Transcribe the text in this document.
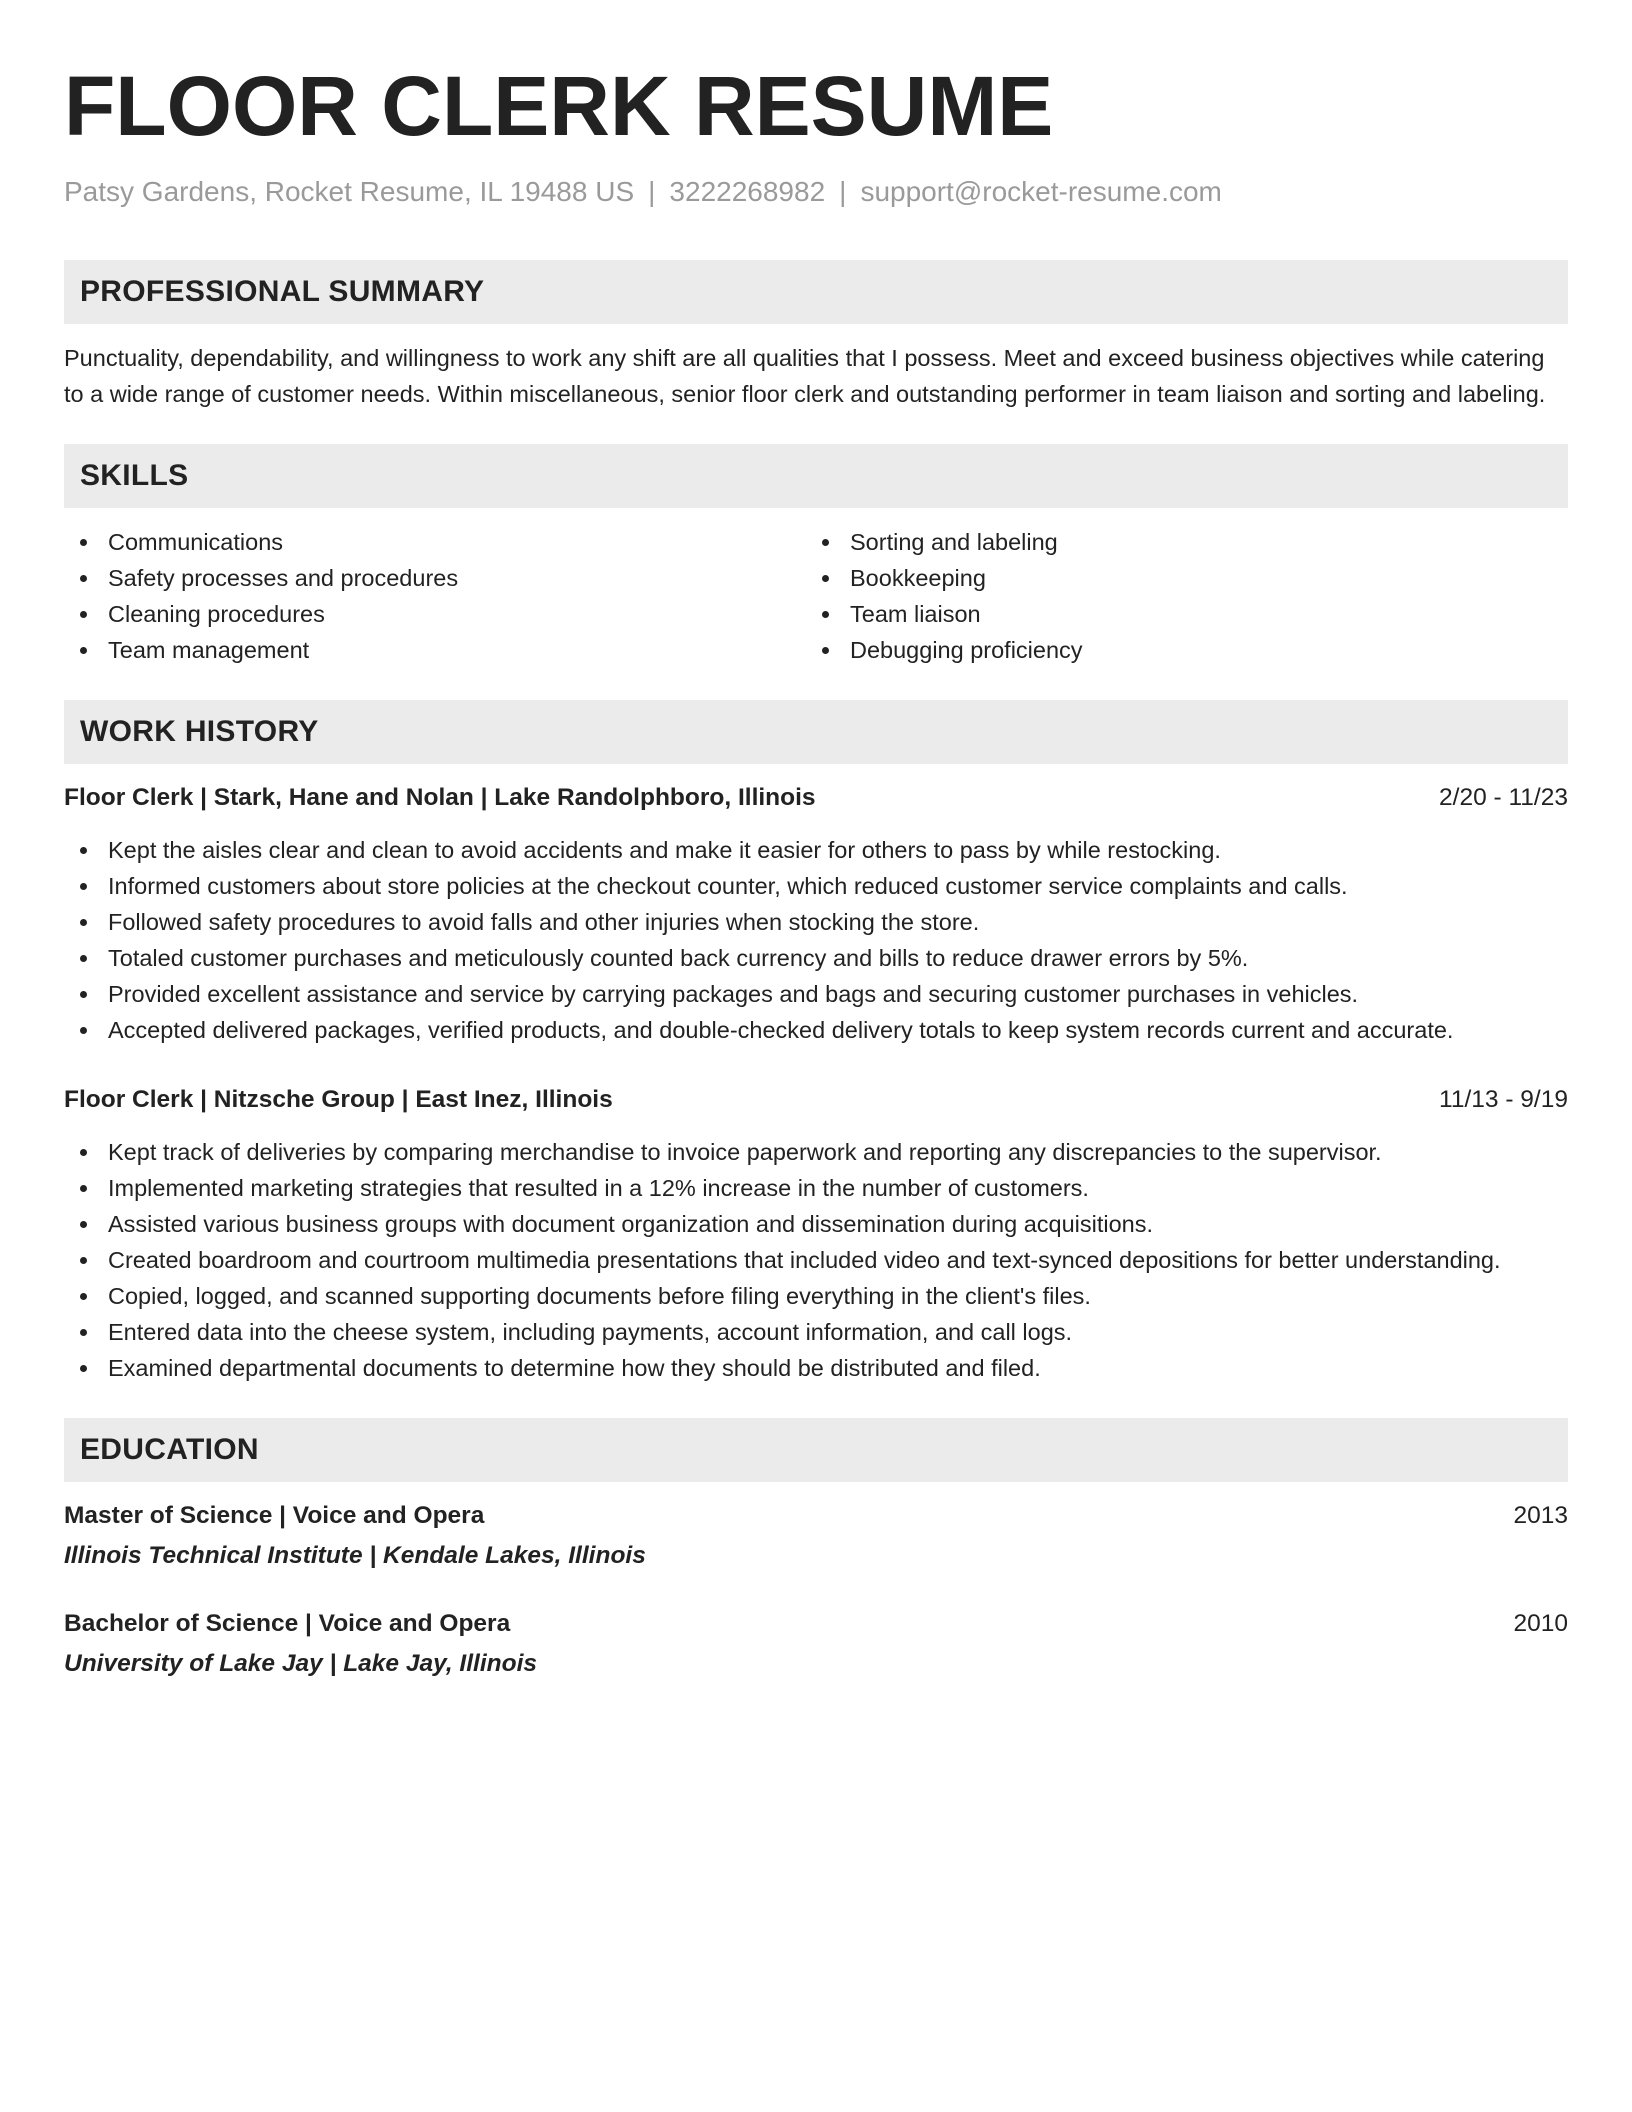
FLOOR CLERK RESUME
Patsy Gardens, Rocket Resume, IL 19488 US | 3222268982 | support@rocket-resume.com
PROFESSIONAL SUMMARY
Punctuality, dependability, and willingness to work any shift are all qualities that I possess. Meet and exceed business objectives while catering to a wide range of customer needs. Within miscellaneous, senior floor clerk and outstanding performer in team liaison and sorting and labeling.
SKILLS
Communications
Safety processes and procedures
Cleaning procedures
Team management
Sorting and labeling
Bookkeeping
Team liaison
Debugging proficiency
WORK HISTORY
Floor Clerk | Stark, Hane and Nolan | Lake Randolphboro, Illinois	2/20 - 11/23
Kept the aisles clear and clean to avoid accidents and make it easier for others to pass by while restocking.
Informed customers about store policies at the checkout counter, which reduced customer service complaints and calls.
Followed safety procedures to avoid falls and other injuries when stocking the store.
Totaled customer purchases and meticulously counted back currency and bills to reduce drawer errors by 5%.
Provided excellent assistance and service by carrying packages and bags and securing customer purchases in vehicles.
Accepted delivered packages, verified products, and double-checked delivery totals to keep system records current and accurate.
Floor Clerk | Nitzsche Group | East Inez, Illinois	11/13 - 9/19
Kept track of deliveries by comparing merchandise to invoice paperwork and reporting any discrepancies to the supervisor.
Implemented marketing strategies that resulted in a 12% increase in the number of customers.
Assisted various business groups with document organization and dissemination during acquisitions.
Created boardroom and courtroom multimedia presentations that included video and text-synced depositions for better understanding.
Copied, logged, and scanned supporting documents before filing everything in the client's files.
Entered data into the cheese system, including payments, account information, and call logs.
Examined departmental documents to determine how they should be distributed and filed.
EDUCATION
Master of Science | Voice and Opera	2013
Illinois Technical Institute | Kendale Lakes, Illinois
Bachelor of Science | Voice and Opera	2010
University of Lake Jay | Lake Jay, Illinois
